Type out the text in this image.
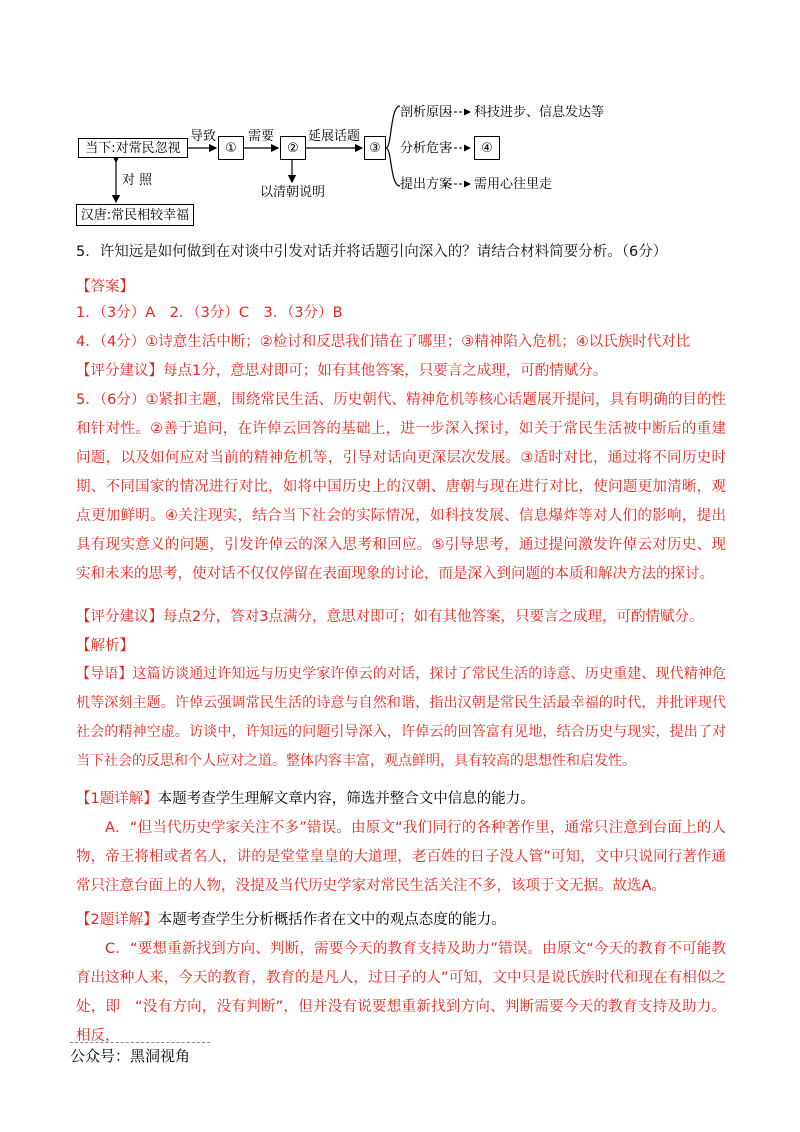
当下:对常民忽视
汉唐:常民相较幸福
对 照
导致
①
需要
②
延展话题
以清朝说明
③
剖析原因 科技进步、信息发达等
分析危害	④
提出方案 需用心往里走
5．许知远是如何做到在对谈中引发对话并将话题引向深入的？请结合材料简要分析。（6分）
【答案】
1．（3分）A　2．（3分）C　3．（3分）B
4．（4分）①诗意生活中断；②检讨和反思我们错在了哪里；③精神陷入危机；④以氏族时代对比
【评分建议】每点1分，意思对即可；如有其他答案，只要言之成理，可酌情赋分。

5．（6分）①紧扣主题，围绕常民生活、历史朝代、精神危机等核心话题展开提问，具有明确的目的性和针对性。②善于追问，在许倬云回答的基础上，进一步深入探讨，如关于常民生活被中断后的重建问题，以及如何应对当前的精神危机等，引导对话向更深层次发展。③适时对比，通过将不同历史时期、不同国家的情况进行对比，如将中国历史上的汉朝、唐朝与现在进行对比，使问题更加清晰，观点更加鲜明。④关注现实，结合当下社会的实际情况，如科技发展、信息爆炸等对人们的影响，提出具有现实意义的问题，引发许倬云的深入思考和回应。⑤引导思考，通过提问激发许倬云对历史、现实和未来的思考，使对话不仅仅停留在表面现象的讨论，而是深入到问题的本质和解决方法的探讨。

【评分建议】每点2分，答对3点满分，意思对即可；如有其他答案，只要言之成理，可酌情赋分。
【解析】

【导语】这篇访谈通过许知远与历史学家许倬云的对话，探讨了常民生活的诗意、历史重建、现代精神危机等深刻主题。许倬云强调常民生活的诗意与自然和谐，指出汉朝是常民生活最幸福的时代，并批评现代社会的精神空虚。访谈中，许知远的问题引导深入，许倬云的回答富有见地，结合历史与现实，提出了对当下社会的反思和个人应对之道。整体内容丰富，观点鲜明，具有较高的思想性和启发性。

【1题详解】本题考查学生理解文章内容，筛选并整合文中信息的能力。

A．“但当代历史学家关注不多”错误。由原文“我们同行的各种著作里，通常只注意到台面上的人物，帝王将相或者名人，讲的是堂堂皇皇的大道理，老百姓的日子没人管”可知，文中只说同行著作通常只注意台面上的人物，没提及当代历史学家对常民生活关注不多，该项于文无据。故选A。

【2题详解】本题考查学生分析概括作者在文中的观点态度的能力。

C．“要想重新找到方向、判断，需要今天的教育支持及助力”错误。由原文“今天的教育不可能教育出这种人来，今天的教育，教育的是凡人，过日子的人”可知，文中只是说氏族时代和现在有相似之处，即　“没有方向，没有判断”，但并没有说要想重新找到方向、判断需要今天的教育支持及助力。相反，

公众号：黑洞视角
